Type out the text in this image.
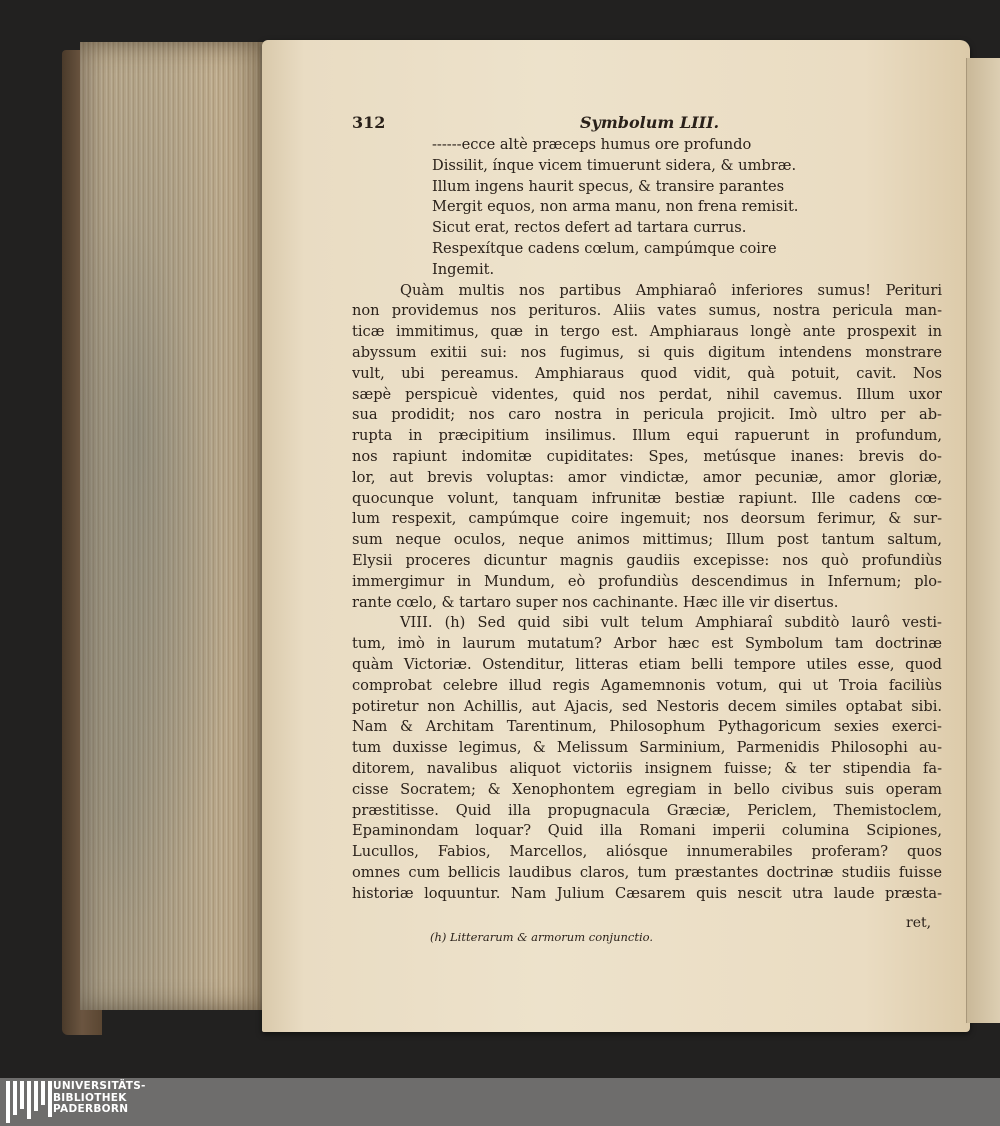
312	Symbolum LIII.
------ecce altè præceps humus ore profundo
Dissilit, ínque vicem timuerunt sidera, & umbræ.
Illum ingens haurit specus, & transire parantes
Mergit equos, non arma manu, non frena remisit.
Sicut erat, rectos defert ad tartara currus.
Respexítque cadens cœlum, campúmque coire
Ingemit.
Quàm multis nos partibus Amphiaraô inferiores sumus! Perituri
non providemus nos perituros. Aliis vates sumus, nostra pericula man-
ticæ immitimus, quæ in tergo est. Amphiaraus longè ante prospexit in
abyssum exitii sui: nos fugimus, si quis digitum intendens monstrare
vult, ubi pereamus. Amphiaraus quod vidit, quà potuit, cavit. Nos
sæpè perspicuè videntes, quid nos perdat, nihil cavemus. Illum uxor
sua prodidit; nos caro nostra in pericula projicit. Imò ultro per ab-
rupta in præcipitium insilimus. Illum equi rapuerunt in profundum,
nos rapiunt indomitæ cupiditates: Spes, metúsque inanes: brevis do-
lor, aut brevis voluptas: amor vindictæ, amor pecuniæ, amor gloriæ,
quocunque volunt, tanquam infrunitæ bestiæ rapiunt. Ille cadens cœ-
lum respexit, campúmque coire ingemuit; nos deorsum ferimur, & sur-
sum neque oculos, neque animos mittimus; Illum post tantum saltum,
Elysii proceres dicuntur magnis gaudiis excepisse: nos quò profundiùs
immergimur in Mundum, eò profundiùs descendimus in Infernum; plo-
rante cœlo, & tartaro super nos cachinante. Hæc ille vir disertus.
VIII. (h) Sed quid sibi vult telum Amphiaraî subditò laurô vesti-
tum, imò in laurum mutatum? Arbor hæc est Symbolum tam doctrinæ
quàm Victoriæ. Ostenditur, litteras etiam belli tempore utiles esse, quod
comprobat celebre illud regis Agamemnonis votum, qui ut Troia faciliùs
potiretur non Achillis, aut Ajacis, sed Nestoris decem similes optabat sibi.
Nam & Architam Tarentinum, Philosophum Pythagoricum sexies exerci-
tum duxisse legimus, & Melissum Sarminium, Parmenidis Philosophi au-
ditorem, navalibus aliquot victoriis insignem fuisse; & ter stipendia fa-
cisse Socratem; & Xenophontem egregiam in bello civibus suis operam
præstitisse. Quid illa propugnacula Græciæ, Periclem, Themistoclem,
Epaminondam loquar? Quid illa Romani imperii columina Scipiones,
Lucullos, Fabios, Marcellos, aliósque innumerabiles proferam? quos
omnes cum bellicis laudibus claros, tum præstantes doctrinæ studiis fuisse
historiæ loquuntur. Nam Julium Cæsarem quis nescit utra laude præsta-
ret,
(h) Litterarum & armorum conjunctio.
UNIVERSITÄTS-
BIBLIOTHEK
PADERBORN
